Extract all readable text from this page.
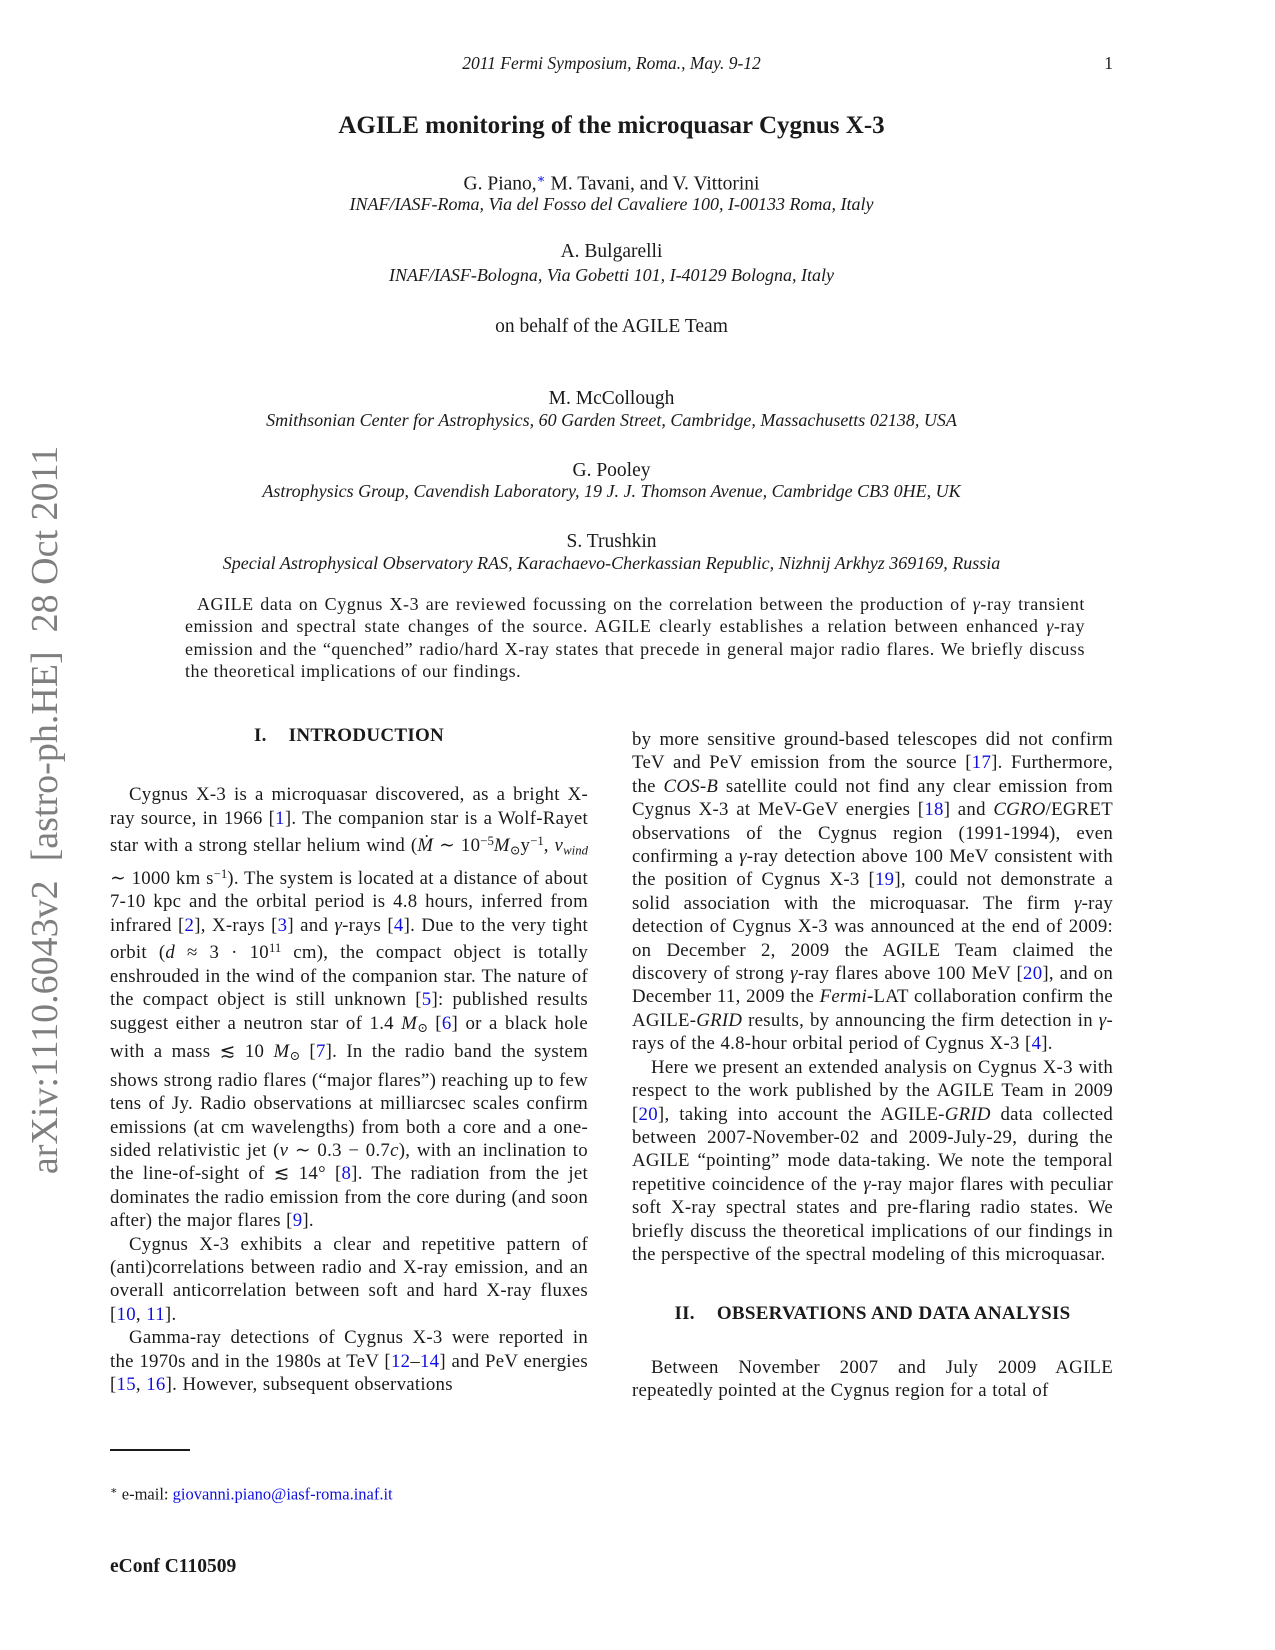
arXiv:1110.6043v2  [astro-ph.HE]  28 Oct 2011
2011 Fermi Symposium, Roma., May. 9-12	1
AGILE monitoring of the microquasar Cygnus X-3
G. Piano,∗ M. Tavani, and V. Vittorini
INAF/IASF-Roma, Via del Fosso del Cavaliere 100, I-00133 Roma, Italy
A. Bulgarelli
INAF/IASF-Bologna, Via Gobetti 101, I-40129 Bologna, Italy
on behalf of the AGILE Team
M. McCollough
Smithsonian Center for Astrophysics, 60 Garden Street, Cambridge, Massachusetts 02138, USA
G. Pooley
Astrophysics Group, Cavendish Laboratory, 19 J. J. Thomson Avenue, Cambridge CB3 0HE, UK
S. Trushkin
Special Astrophysical Observatory RAS, Karachaevo-Cherkassian Republic, Nizhnij Arkhyz 369169, Russia
AGILE data on Cygnus X-3 are reviewed focussing on the correlation between the production of γ-ray transient emission and spectral state changes of the source. AGILE clearly establishes a relation between enhanced γ-ray emission and the “quenched” radio/hard X-ray states that precede in general major radio flares. We briefly discuss the theoretical implications of our findings.
I. INTRODUCTION

Cygnus X-3 is a microquasar discovered, as a bright X-ray source, in 1966 [1]. The companion star is a Wolf-Rayet star with a strong stellar helium wind (Ṁ ∼ $10^{-5}M⊙y^{-1}$, vwind ∼ 1000 km $s^{-1}$). The system is located at a distance of about 7-10 kpc and the orbital period is 4.8 hours, inferred from infrared [2], X-rays [3] and γ-rays [4]. Due to the very tight orbit ($d \approx 3 \cdot 10^{11}$ cm), the compact object is totally enshrouded in the wind of the companion star. The nature of the compact object is still unknown [5]: published results suggest either a neutron star of 1.4 M⊙ [6] or a black hole with a mass ≲ 10 M⊙ [7]. In the radio band the system shows strong radio flares (“major flares”) reaching up to few tens of Jy. Radio observations at milliarcsec scales confirm emissions (at cm wavelengths) from both a core and a one-sided relativistic jet (v ∼ 0.3 − 0.7c), with an inclination to the line-of-sight of ≲ 14° [8]. The radiation from the jet dominates the radio emission from the core during (and soon after) the major flares [9].

Cygnus X-3 exhibits a clear and repetitive pattern of (anti)correlations between radio and X-ray emission, and an overall anticorrelation between soft and hard X-ray fluxes [10, 11].

Gamma-ray detections of Cygnus X-3 were reported in the 1970s and in the 1980s at TeV [12–14] and PeV energies [15, 16]. However, subsequent observations

by more sensitive ground-based telescopes did not confirm TeV and PeV emission from the source [17]. Furthermore, the COS-B satellite could not find any clear emission from Cygnus X-3 at MeV-GeV energies [18] and CGRO/EGRET observations of the Cygnus region (1991-1994), even confirming a γ-ray detection above 100 MeV consistent with the position of Cygnus X-3 [19], could not demonstrate a solid association with the microquasar. The firm γ-ray detection of Cygnus X-3 was announced at the end of 2009: on December 2, 2009 the AGILE Team claimed the discovery of strong γ-ray flares above 100 MeV [20], and on December 11, 2009 the Fermi-LAT collaboration confirm the AGILE-GRID results, by announcing the firm detection in γ-rays of the 4.8-hour orbital period of Cygnus X-3 [4].

Here we present an extended analysis on Cygnus X-3 with respect to the work published by the AGILE Team in 2009 [20], taking into account the AGILE-GRID data collected between 2007-November-02 and 2009-July-29, during the AGILE “pointing” mode data-taking. We note the temporal repetitive coincidence of the γ-ray major flares with peculiar soft X-ray spectral states and pre-flaring radio states. We briefly discuss the theoretical implications of our findings in the perspective of the spectral modeling of this microquasar.

II. OBSERVATIONS AND DATA ANALYSIS

Between November 2007 and July 2009 AGILE repeatedly pointed at the Cygnus region for a total of

∗ e-mail: giovanni.piano@iasf-roma.inaf.it
eConf C110509
